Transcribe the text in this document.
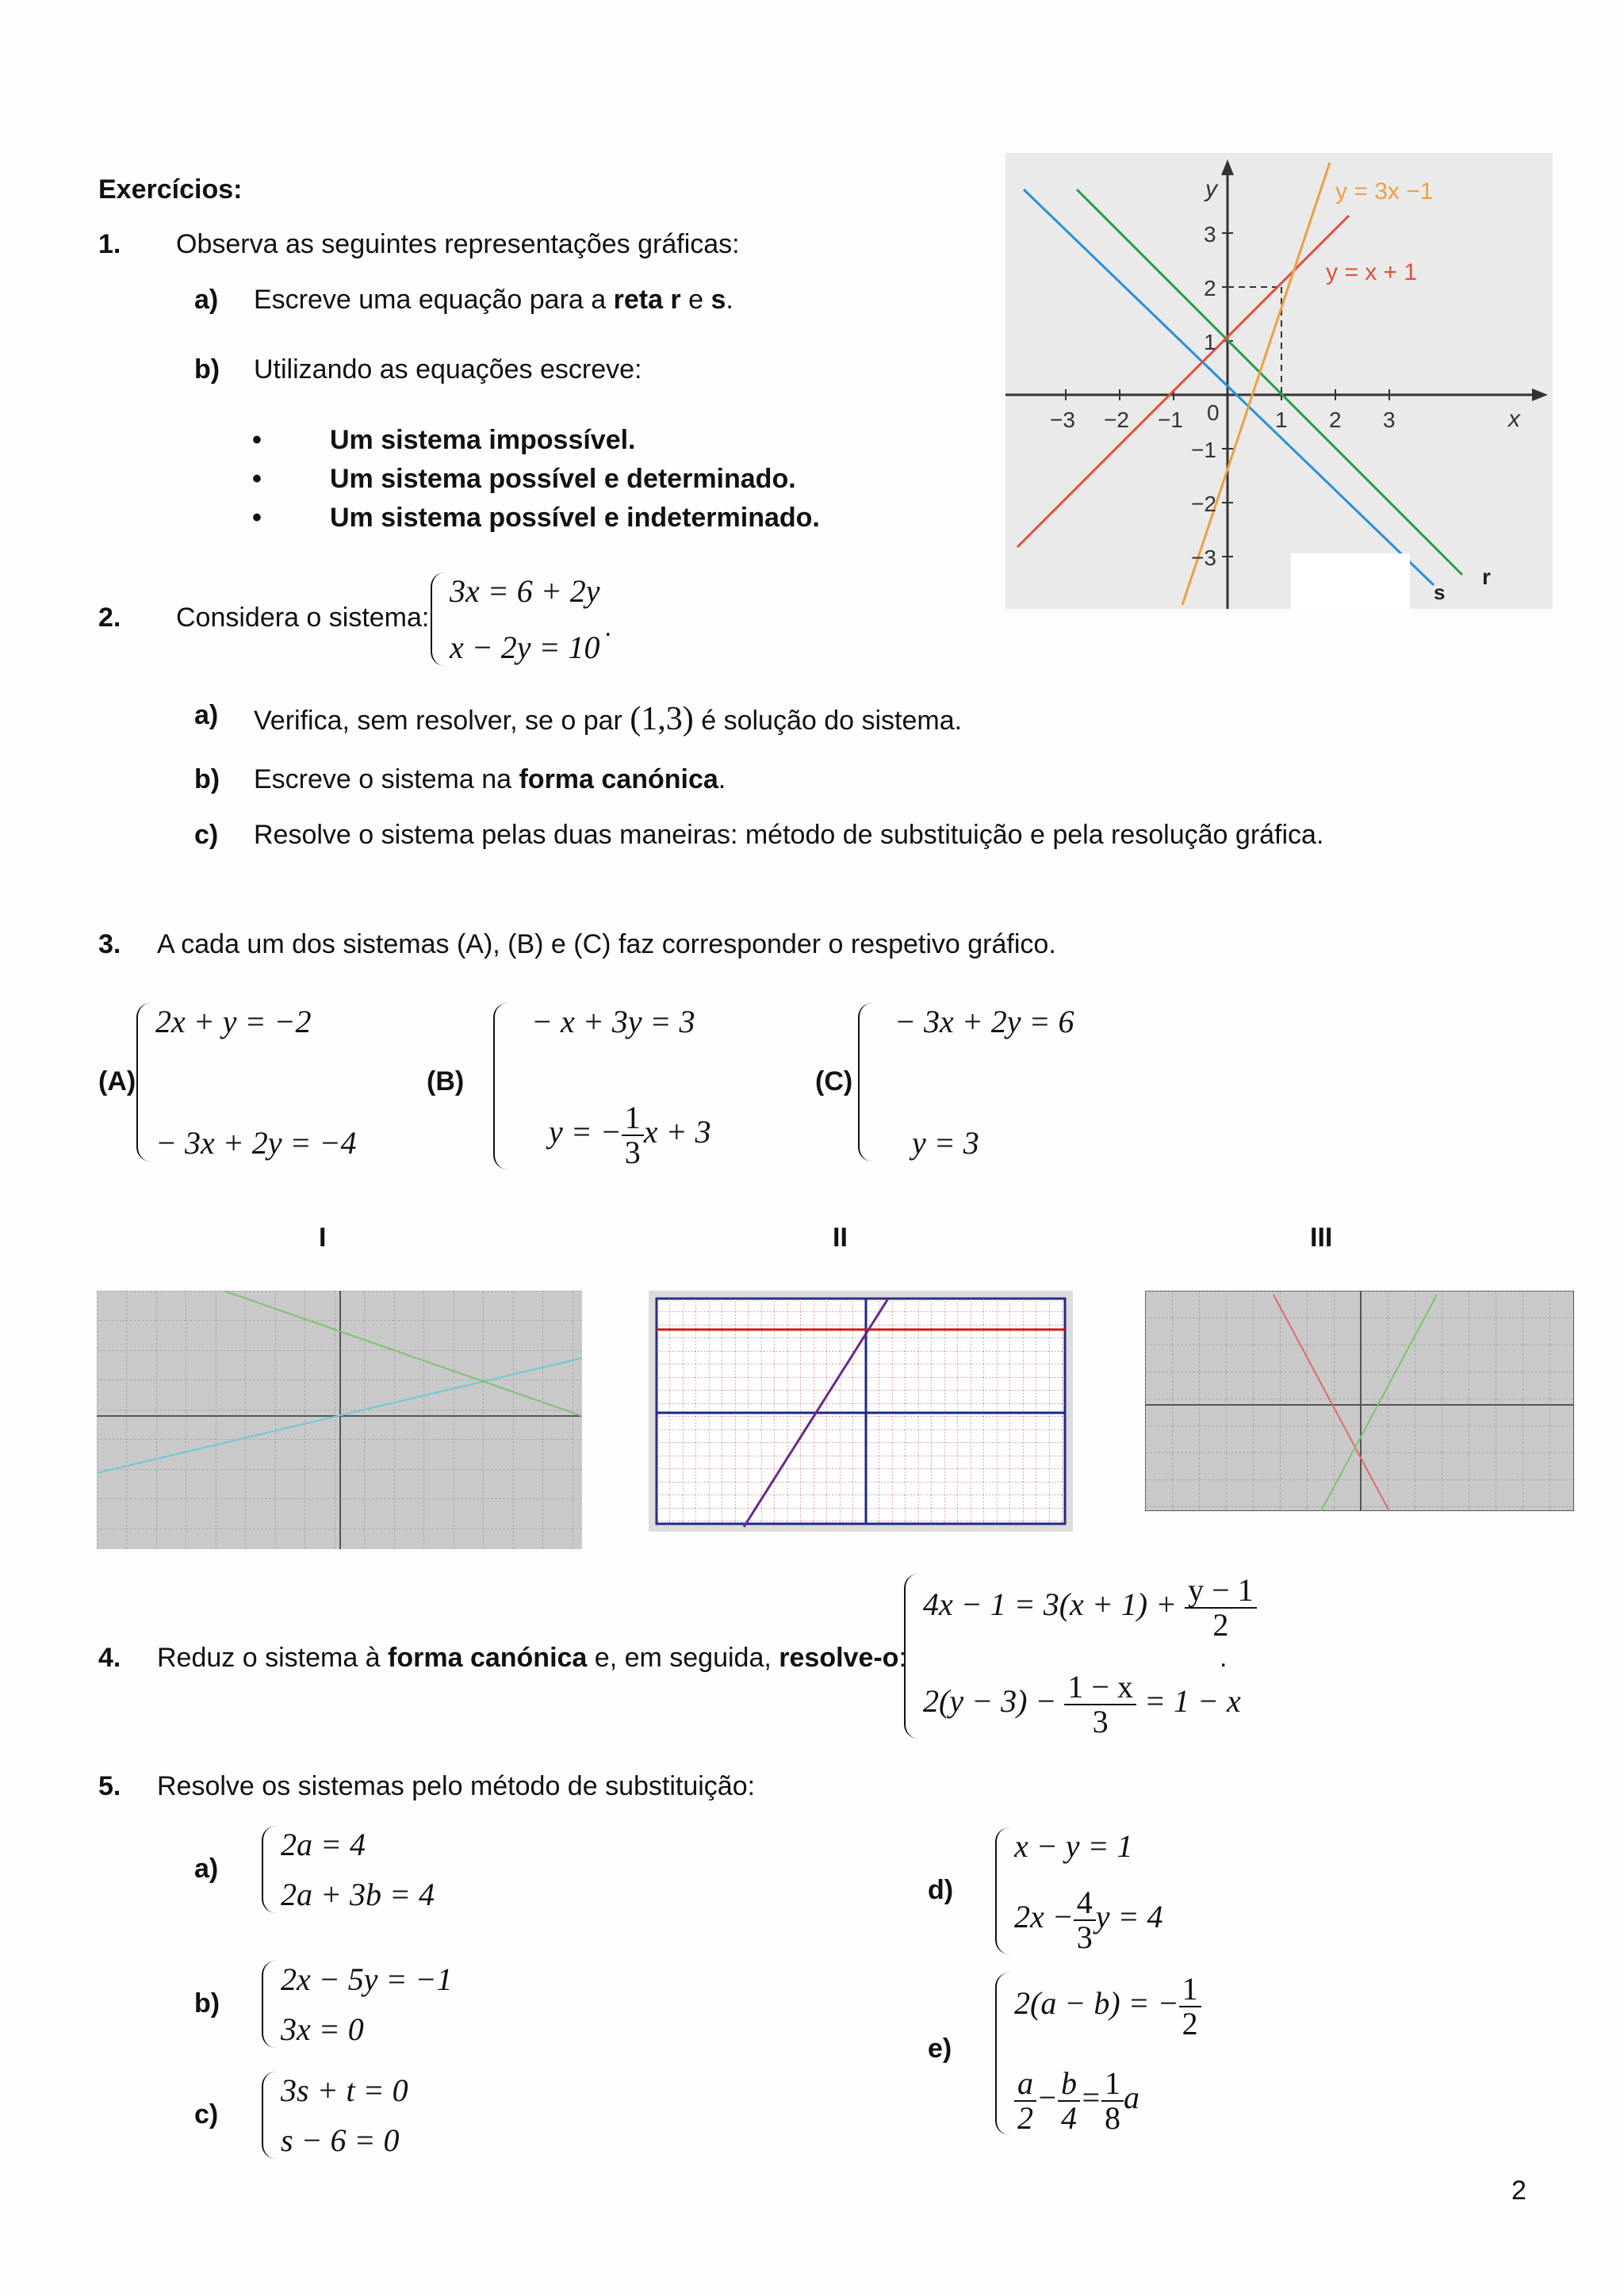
Exercícios:
1. Observa as seguintes representações gráficas:
a) Escreve uma equação para a reta r e s.
b) Utilizando as equações escreve:
•	Um sistema impossível.
•	Um sistema possível e determinado.
•	Um sistema possível e indeterminado.
y = 3x −1
y = x + 1
y
x
0
−3 −2 −1	1 2 3
3
2
1
−1
−2
−3
s
r
2. Considera o sistema:
3x = 6 + 2y
x − 2y = 10
.
a) Verifica, sem resolver, se o par (1,3) é solução do sistema.
b) Escreve o sistema na forma canónica.
c) Resolve o sistema pelas duas maneiras: método de substituição e pela resolução gráfica.
3. A cada um dos sistemas (A), (B) e (C) faz corresponder o respetivo gráfico.
(A)
2x + y = −2
− 3x + 2y = −4
(B)
− x + 3y = 3
y = − $\frac{1}{3}$ x + 3
(C)
− 3x + 2y = 6
y = 3
I	II	III
4. Reduz o sistema à forma canónica e, em seguida, resolve-o:
$4x - 1 = 3(x + 1) + \frac{y - 1}{2}$
$2(y - 3) - \frac{1 - x}{3} = 1 - x$
.
5. Resolve os sistemas pelo método de substituição:
a)
2a = 4
2a + 3b = 4
b)
2x − 5y = −1
3x = 0
c)
3s + t = 0
s − 6 = 0
d)
x − y = 1
$2x - \frac{4}{3}$ y = 4
e)
2(a − b) = − $\frac{1}{2}$
$\frac{a}{2} - \frac{b}{4} = \frac{1}{8}$ a
2
